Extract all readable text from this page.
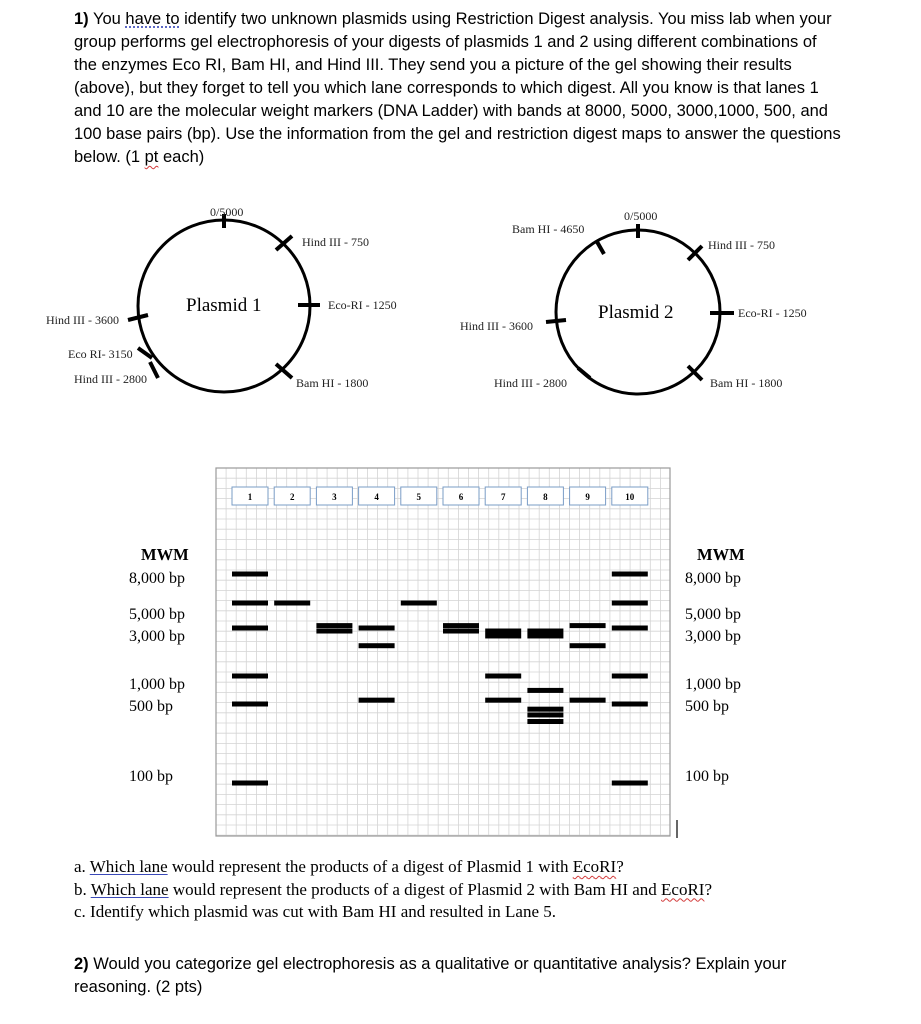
1) You have to identify two unknown plasmids using Restriction Digest analysis. You miss lab when your group performs gel electrophoresis of your digests of plasmids 1 and 2 using different combinations of the enzymes Eco RI, Bam HI, and Hind III. They send you a picture of the gel showing their results (above), but they forget to tell you which lane corresponds to which digest. All you know is that lanes 1 and 10 are the molecular weight markers (DNA Ladder) with bands at 8000, 5000, 3000,1000, 500, and 100 base pairs (bp). Use the information from the gel and restriction digest maps to answer the questions below. (1 pt each)
Plasmid 1
0/5000
Hind III - 750
Eco-RI - 1250
Bam HI - 1800
Hind III - 2800
Eco RI- 3150
Hind III - 3600	Plasmid 2
0/5000
Hind III - 750
Eco-RI - 1250
Bam HI - 1800
Hind III - 2800
Hind III - 3600
Bam HI - 4650
1	2	3	4	5	6	7	8	9	10
MWM
8,000 bp
5,000 bp
3,000 bp
1,000 bp
500 bp
100 bp
MWM
8,000 bp
5,000 bp
3,000 bp
1,000 bp
500 bp
100 bp
a. Which lane would represent the products of a digest of Plasmid 1 with EcoRI?
b. Which lane would represent the products of a digest of Plasmid 2 with Bam HI and EcoRI?
c. Identify which plasmid was cut with Bam HI and resulted in Lane 5.
2) Would you categorize gel electrophoresis as a qualitative or quantitative analysis? Explain your reasoning. (2 pts)
